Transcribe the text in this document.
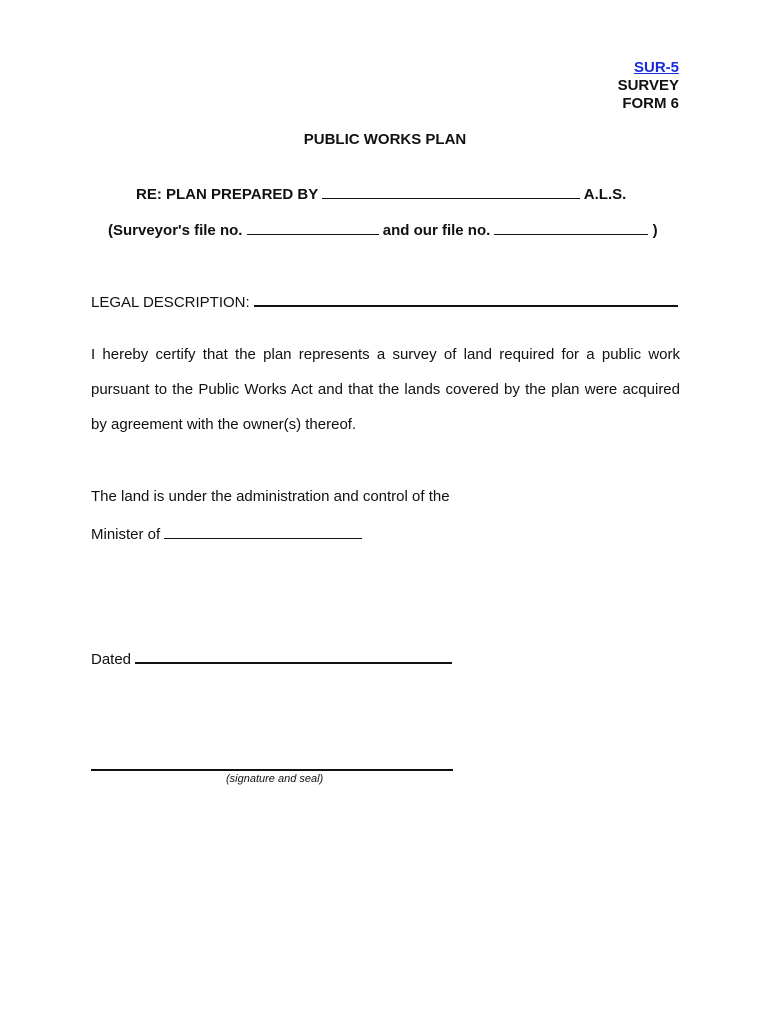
SUR-5
SURVEY
FORM 6
PUBLIC WORKS PLAN
RE: PLAN PREPARED BY	A.L.S.
(Surveyor's file no.	and our file no.	)
LEGAL DESCRIPTION:
I hereby certify that the plan represents a survey of land required for a public work
pursuant to the Public Works Act and that the lands covered by the plan were acquired
by agreement with the owner(s) thereof.
The land is under the administration and control of the
Minister of
Dated
(signature and seal)
